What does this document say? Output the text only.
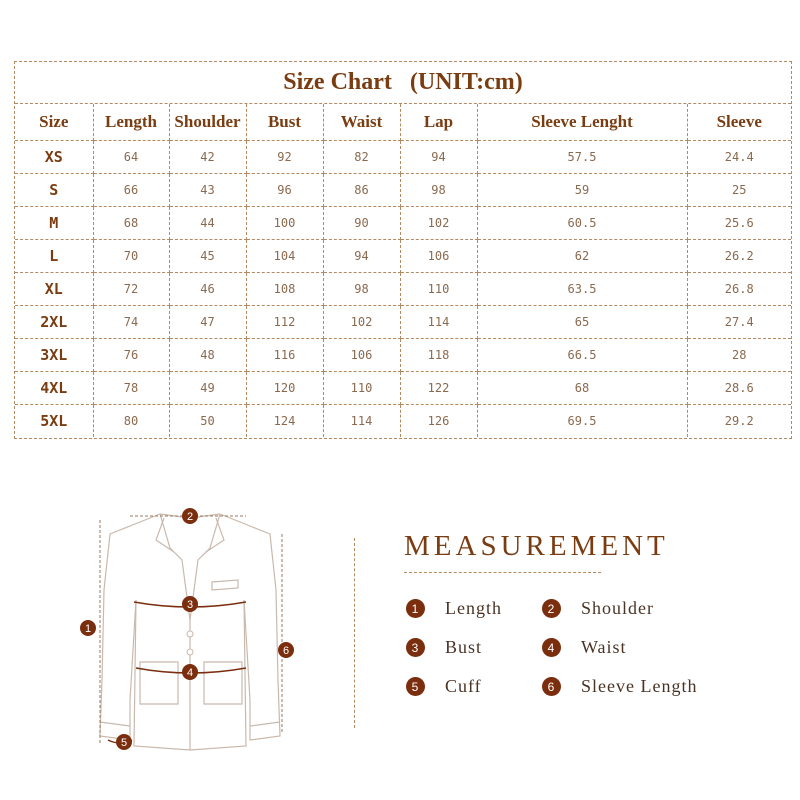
Size Chart   (UNIT:cm)
Size	Length	Shoulder	Bust	Waist	Lap	Sleeve Lenght	Sleeve
XS	64	42	92	82	94	57.5	24.4
S	66	43	96	86	98	59	25
M	68	44	100	90	102	60.5	25.6
L	70	45	104	94	106	62	26.2
XL	72	46	108	98	110	63.5	26.8
2XL	74	47	112	102	114	65	27.4
3XL	76	48	116	106	118	66.5	28
4XL	78	49	120	110	122	68	28.6
5XL	80	50	124	114	126	69.5	29.2
2
1
3
4
5
6
MEASUREMENT
1	Length	2	Shoulder
3	Bust	4	Waist
5	Cuff	6	Sleeve Length
